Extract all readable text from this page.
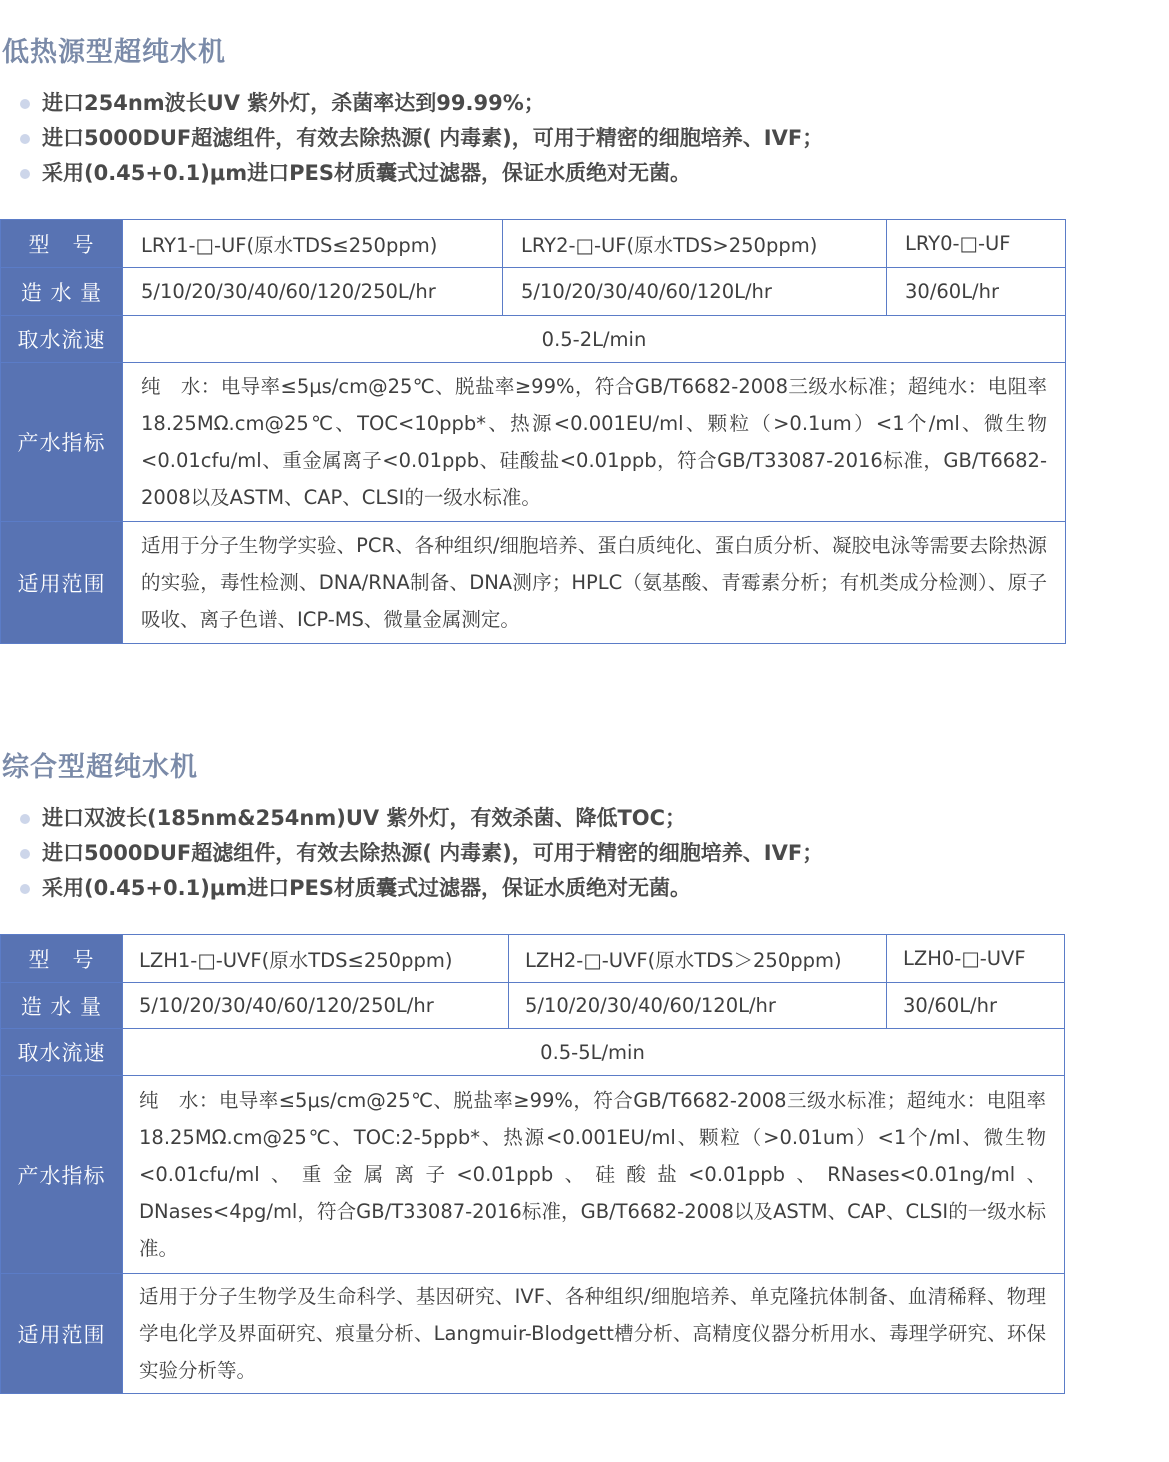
低热源型超纯水机
进口254nm波长UV 紫外灯，杀菌率达到99.99%；
进口5000DUF超滤组件，有效去除热源( 内毒素)，可用于精密的细胞培养、IVF；
采用(0.45+0.1)μm进口PES材质囊式过滤器，保证水质绝对无菌。
型　号	LRY1-□-UF(原水TDS≤250ppm)	LRY2-□-UF(原水TDS>250ppm)	LRY0-□-UF
造 水 量	5/10/20/30/40/60/120/250L/hr	5/10/20/30/40/60/120L/hr	30/60L/hr
取水流速	0.5-2L/min		
产水指标	纯　水：电导率≤5μs/cm@25℃、脱盐率≥99%，符合GB/T6682-2008三级水标准；超纯水：电阻率18.25MΩ.cm@25℃、TOC<10ppb*、热源<0.001EU/ml、颗粒（>0.1um）<1个/ml、微生物<0.01cfu/ml、重金属离子<0.01ppb、硅酸盐<0.01ppb，符合GB/T33087-2016标准，GB/T6682-2008以及ASTM、CAP、CLSI的一级水标准。		
适用范围	适用于分子生物学实验、PCR、各种组织/细胞培养、蛋白质纯化、蛋白质分析、凝胶电泳等需要去除热源的实验，毒性检测、DNA/RNA制备、DNA测序；HPLC（氨基酸、青霉素分析；有机类成分检测）、原子吸收、离子色谱、ICP-MS、微量金属测定。		
综合型超纯水机
进口双波长(185nm&254nm)UV 紫外灯，有效杀菌、降低TOC；
进口5000DUF超滤组件，有效去除热源( 内毒素)，可用于精密的细胞培养、IVF；
采用(0.45+0.1)μm进口PES材质囊式过滤器，保证水质绝对无菌。
型　号	LZH1-□-UVF(原水TDS≤250ppm)	LZH2-□-UVF(原水TDS＞250ppm)	LZH0-□-UVF
造 水 量	5/10/20/30/40/60/120/250L/hr	5/10/20/30/40/60/120L/hr	30/60L/hr
取水流速	0.5-5L/min		
产水指标	纯　水：电导率≤5μs/cm@25℃、脱盐率≥99%，符合GB/T6682-2008三级水标准；超纯水：电阻率18.25MΩ.cm@25℃、TOC:2-5ppb*、热源<0.001EU/ml、颗粒（>0.01um）<1个/ml、微生物<0.01cfu/ml、重金属离子<0.01ppb、硅酸盐<0.01ppb、RNases<0.01ng/ml、DNases<4pg/ml，符合GB/T33087-2016标准，GB/T6682-2008以及ASTM、CAP、CLSI的一级水标准。		
适用范围	适用于分子生物学及生命科学、基因研究、IVF、各种组织/细胞培养、单克隆抗体制备、血清稀释、物理学电化学及界面研究、痕量分析、Langmuir-Blodgett槽分析、高精度仪器分析用水、毒理学研究、环保实验分析等。		
